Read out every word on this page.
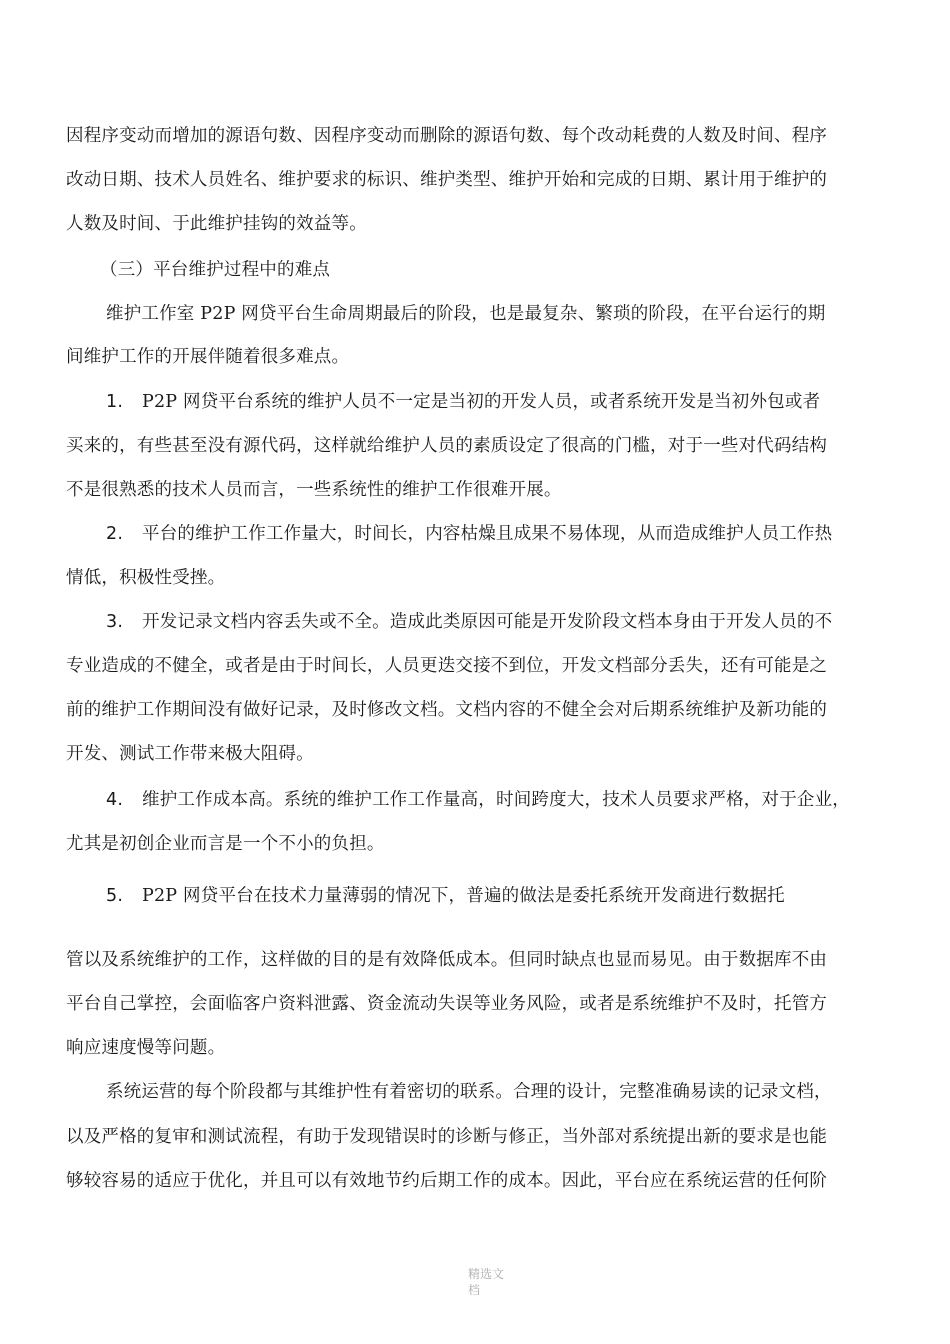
因程序变动而增加的源语句数、因程序变动而删除的源语句数、每个改动耗费的人数及时间、程序
改动日期、技术人员姓名、维护要求的标识、维护类型、维护开始和完成的日期、累计用于维护的
人数及时间、于此维护挂钩的效益等。
（三）平台维护过程中的难点
维护工作室 P2P 网贷平台生命周期最后的阶段，也是最复杂、繁琐的阶段，在平台运行的期
间维护工作的开展伴随着很多难点。
1. P2P 网贷平台系统的维护人员不一定是当初的开发人员，或者系统开发是当初外包或者
买来的，有些甚至没有源代码，这样就给维护人员的素质设定了很高的门槛，对于一些对代码结构
不是很熟悉的技术人员而言，一些系统性的维护工作很难开展。
2. 平台的维护工作工作量大，时间长，内容枯燥且成果不易体现，从而造成维护人员工作热
情低，积极性受挫。
3. 开发记录文档内容丢失或不全。造成此类原因可能是开发阶段文档本身由于开发人员的不
专业造成的不健全，或者是由于时间长，人员更迭交接不到位，开发文档部分丢失，还有可能是之
前的维护工作期间没有做好记录，及时修改文档。文档内容的不健全会对后期系统维护及新功能的
开发、测试工作带来极大阻碍。
4. 维护工作成本高。系统的维护工作工作量高，时间跨度大，技术人员要求严格，对于企业，
尤其是初创企业而言是一个不小的负担。
5. P2P 网贷平台在技术力量薄弱的情况下，普遍的做法是委托系统开发商进行数据托
管以及系统维护的工作，这样做的目的是有效降低成本。但同时缺点也显而易见。由于数据库不由
平台自己掌控，会面临客户资料泄露、资金流动失误等业务风险，或者是系统维护不及时，托管方
响应速度慢等问题。
系统运营的每个阶段都与其维护性有着密切的联系。合理的设计，完整准确易读的记录文档，
以及严格的复审和测试流程，有助于发现错误时的诊断与修正，当外部对系统提出新的要求是也能
够较容易的适应于优化，并且可以有效地节约后期工作的成本。因此，平台应在系统运营的任何阶
精选文
档
